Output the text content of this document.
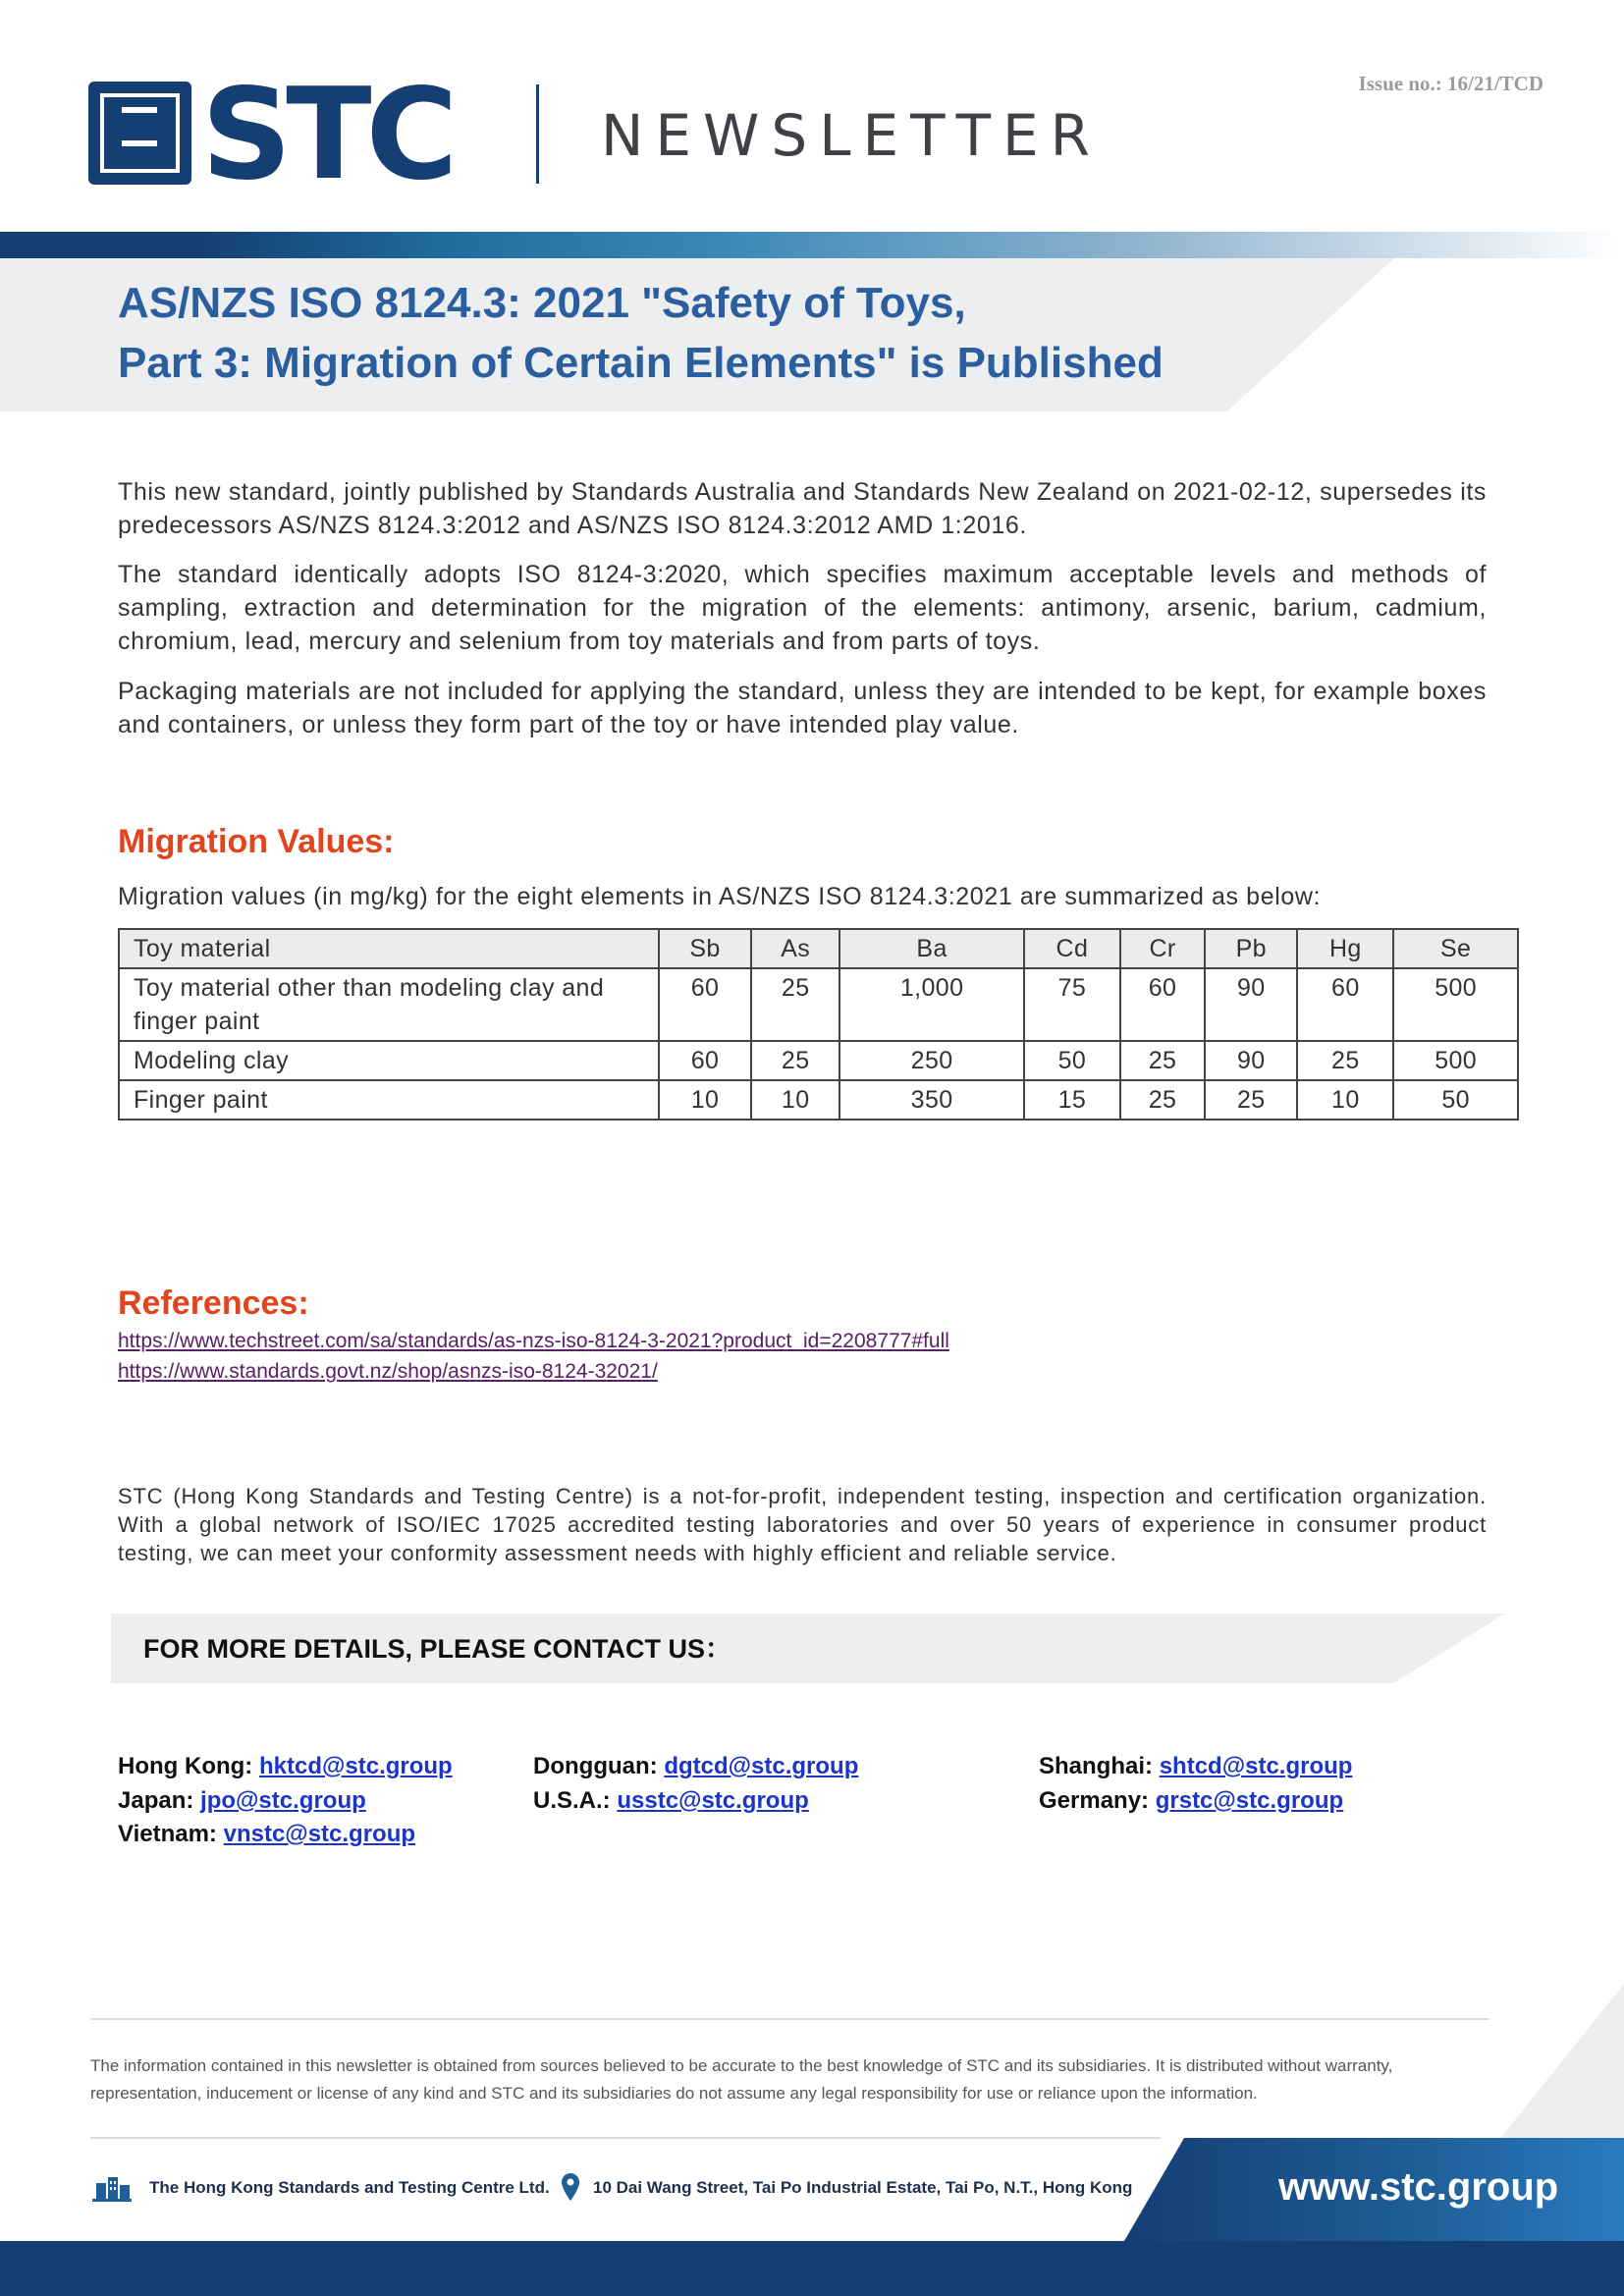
STC	NEWSLETTER
Issue no.: 16/21/TCD
AS/NZS ISO 8124.3: 2021 "Safety of Toys,
Part 3: Migration of Certain Elements" is Published
This new standard, jointly published by Standards Australia and Standards New Zealand on 2021-02-12, supersedes its predecessors AS/NZS 8124.3:2012 and AS/NZS ISO 8124.3:2012 AMD 1:2016.
The standard identically adopts ISO 8124-3:2020, which specifies maximum acceptable levels and methods of sampling, extraction and determination for the migration of the elements: antimony, arsenic, barium, cadmium, chromium, lead, mercury and selenium from toy materials and from parts of toys.
Packaging materials are not included for applying the standard, unless they are intended to be kept, for example boxes and containers, or unless they form part of the toy or have intended play value.
Migration Values:
Migration values (in mg/kg) for the eight elements in AS/NZS ISO 8124.3:2021 are summarized as below:
Toy material	Sb	As	Ba	Cd	Cr	Pb	Hg	Se
Toy material other than modeling clay and finger paint	60	25	1,000	75	60	90	60	500
Modeling clay	60	25	250	50	25	90	25	500
Finger paint	10	10	350	15	25	25	10	50
References:
https://www.techstreet.com/sa/standards/as-nzs-iso-8124-3-2021?product_id=2208777#full
https://www.standards.govt.nz/shop/asnzs-iso-8124-32021/
STC (Hong Kong Standards and Testing Centre) is a not-for-profit, independent testing, inspection and certification organization. With a global network of ISO/IEC 17025 accredited testing laboratories and over 50 years of experience in consumer product testing, we can meet your conformity assessment needs with highly efficient and reliable service.
FOR MORE DETAILS, PLEASE CONTACT US：
Hong Kong: hktcd@stc.group	Dongguan: dgtcd@stc.group	Shanghai: shtcd@stc.group
Japan: jpo@stc.group	U.S.A.: usstc@stc.group	Germany: grstc@stc.group
Vietnam: vnstc@stc.group
The information contained in this newsletter is obtained from sources believed to be accurate to the best knowledge of STC and its subsidiaries. It is distributed without warranty, representation, inducement or license of any kind and STC and its subsidiaries do not assume any legal responsibility for use or reliance upon the information.
The Hong Kong Standards and Testing Centre Ltd.	10 Dai Wang Street, Tai Po Industrial Estate, Tai Po, N.T., Hong Kong	www.stc.group
